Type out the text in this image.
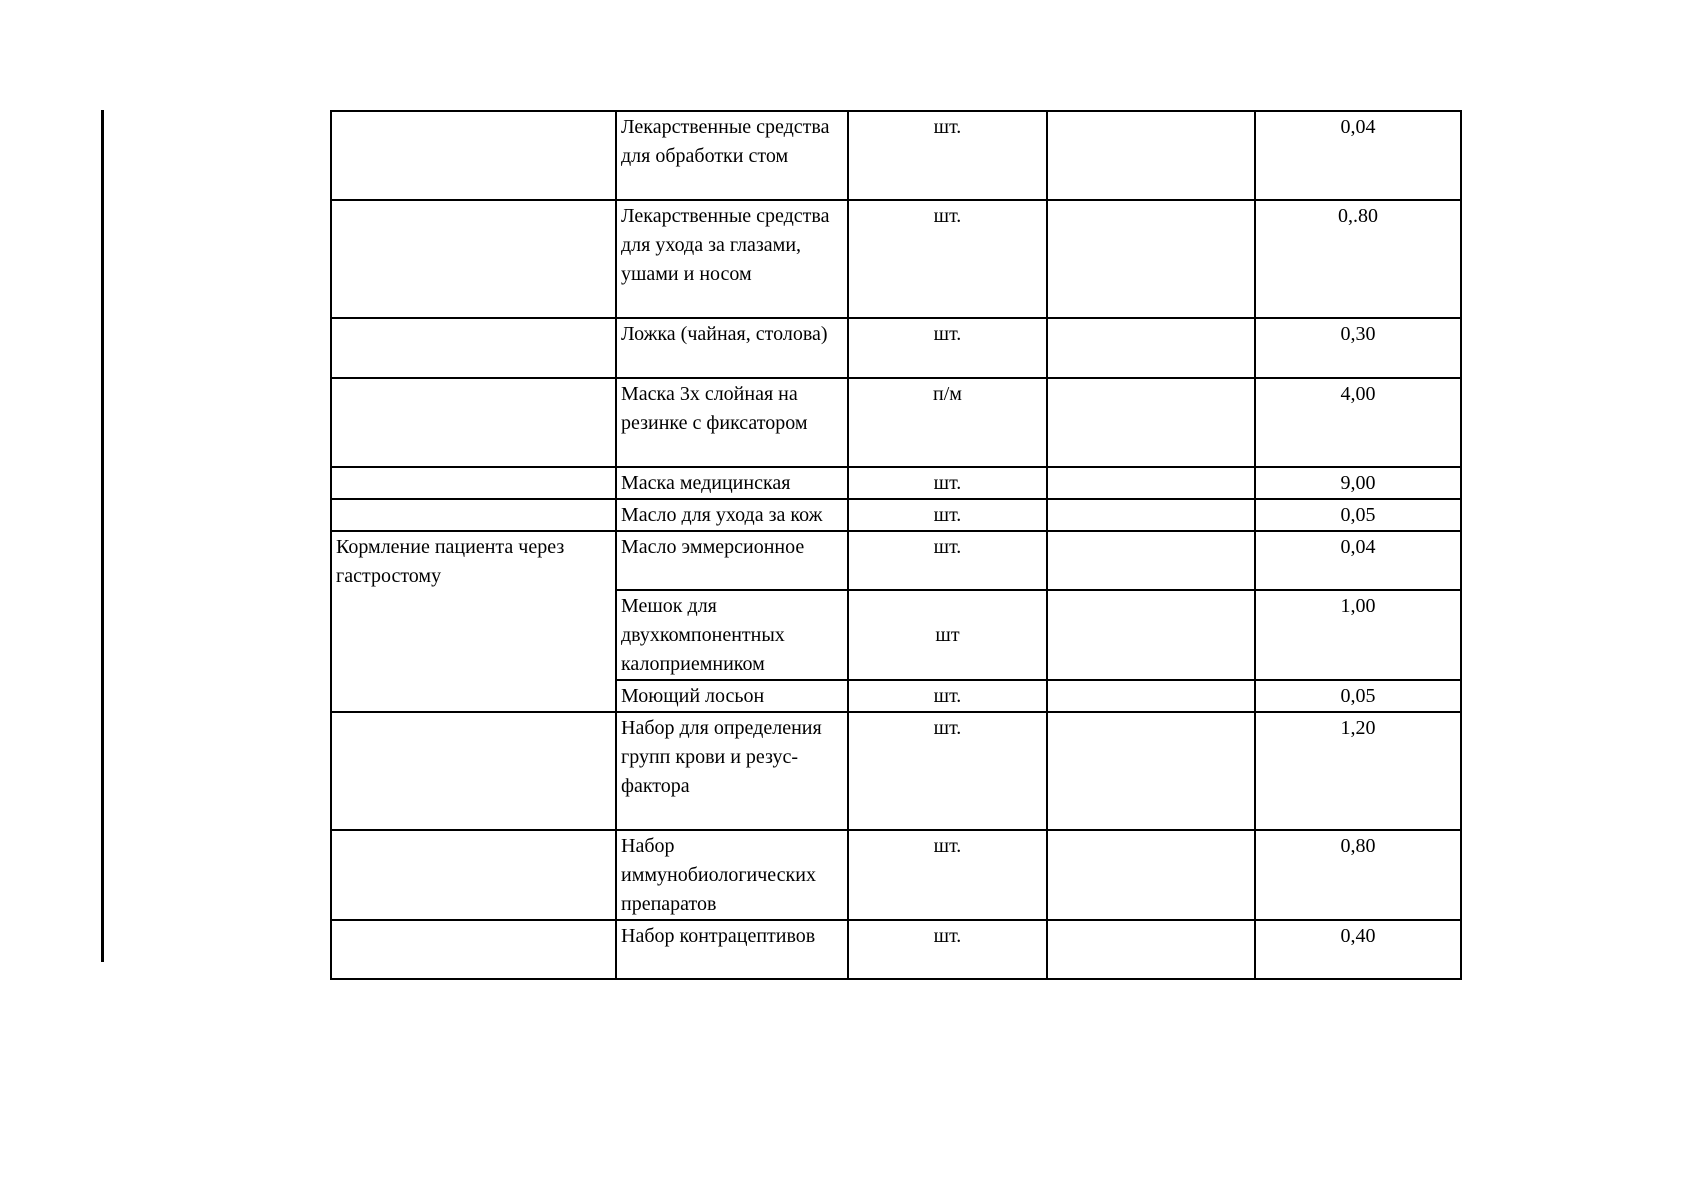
	Лекарственные средства для обработки стом	шт.		0,04
	Лекарственные средства для ухода за глазами, ушами и носом	шт.		0,.80
	Ложка (чайная, столова)	шт.		0,30
	Маска 3х слойная на резинке с фиксатором	п/м		4,00
	Маска медицинская	шт.		9,00
	Масло для ухода за кож	шт.		0,05
Кормление пациента через гастростому	Масло эммерсионное	шт.		0,04
	Мешок для двухкомпонентных калоприемником	шт		1,00
	Моющий лосьон	шт.		0,05
	Набор для определения групп крови и резус-фактора	шт.		1,20
	Набор иммунобиологических препаратов	шт.		0,80
	Набор контрацептивов	шт.		0,40
